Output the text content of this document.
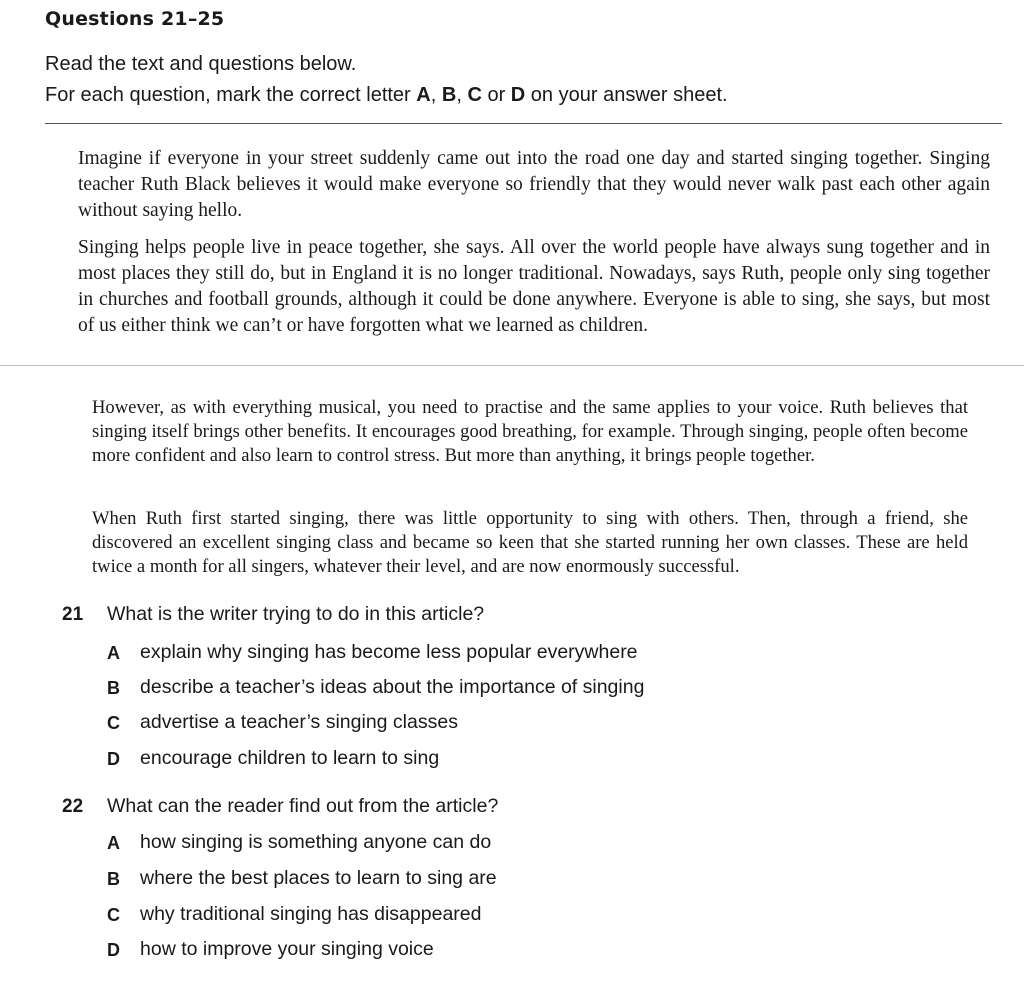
Questions 21–25
Read the text and questions below.
For each question, mark the correct letter A, B, C or D on your answer sheet.

Imagine if everyone in your street suddenly came out into the road one day and started singing together. Singing teacher Ruth Black believes it would make everyone so friendly that they would never walk past each other again without saying hello.

Singing helps people live in peace together, she says. All over the world people have always sung together and in most places they still do, but in England it is no longer traditional. Nowadays, says Ruth, people only sing together in churches and football grounds, although it could be done anywhere. Everyone is able to sing, she says, but most of us either think we can’t or have forgotten what we learned as children.

However, as with everything musical, you need to practise and the same applies to your voice. Ruth believes that singing itself brings other benefits. It encourages good breathing, for example. Through singing, people often become more confident and also learn to control stress. But more than anything, it brings people together.

When Ruth first started singing, there was little opportunity to sing with others. Then, through a friend, she discovered an excellent singing class and became so keen that she started running her own classes. These are held twice a month for all singers, whatever their level, and are now enormously successful.

21 What is the writer trying to do in this article?
A explain why singing has become less popular everywhere
B describe a teacher’s ideas about the importance of singing
C advertise a teacher’s singing classes
D encourage children to learn to sing
22 What can the reader find out from the article?
A how singing is something anyone can do
B where the best places to learn to sing are
C why traditional singing has disappeared
D how to improve your singing voice
